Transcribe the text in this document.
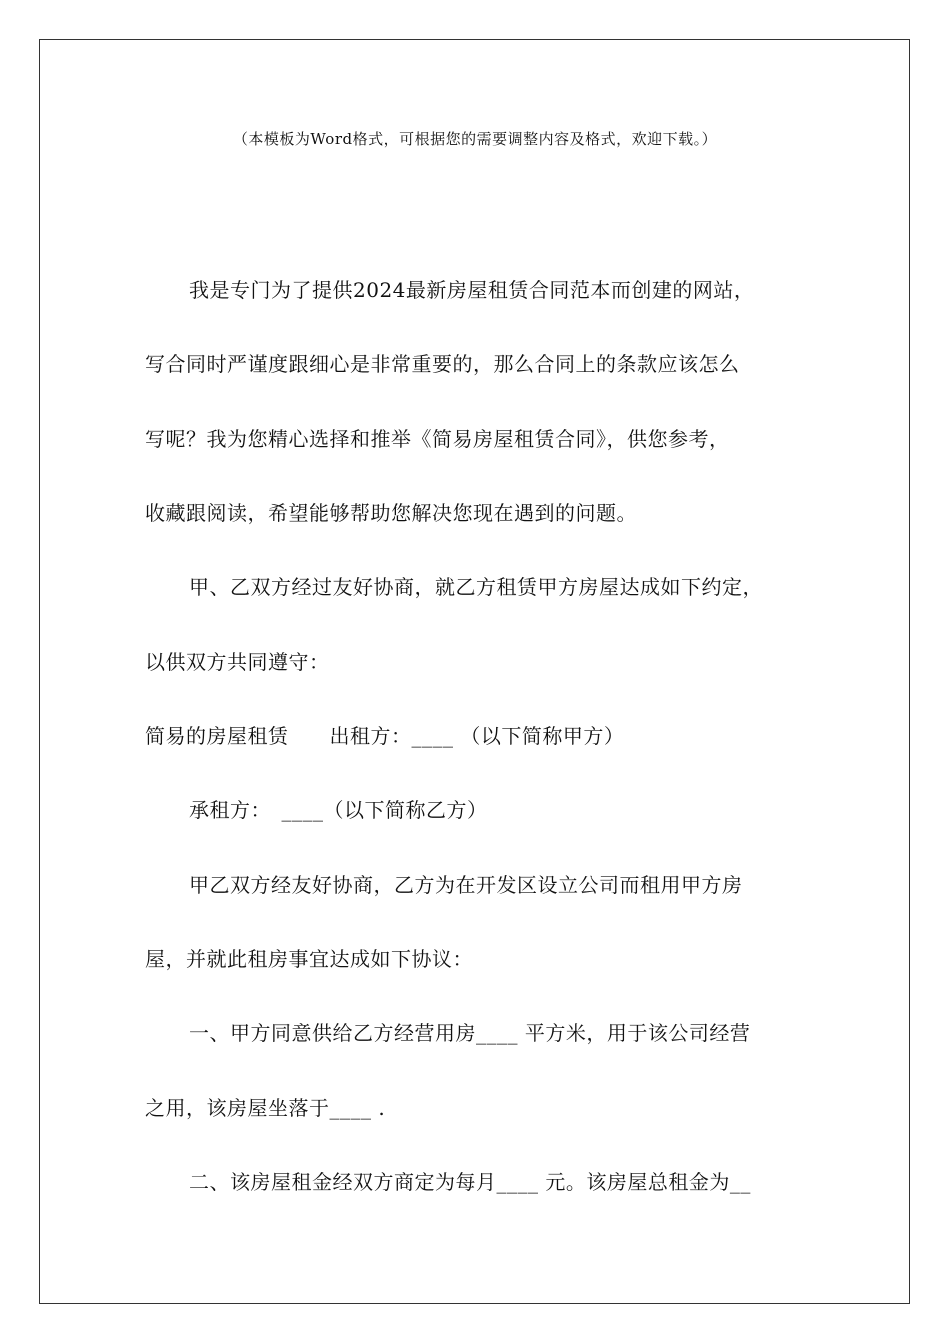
（本模板为Word格式，可根据您的需要调整内容及格式，欢迎下载。）
我是专门为了提供2024最新房屋租赁合同范本而创建的网站，
写合同时严谨度跟细心是非常重要的，那么合同上的条款应该怎么
写呢？我为您精心选择和推举《简易房屋租赁合同》，供您参考，
收藏跟阅读，希望能够帮助您解决您现在遇到的问题。
甲、乙双方经过友好协商，就乙方租赁甲方房屋达成如下约定，
以供双方共同遵守：
简易的房屋租赁　　出租方：____ （以下简称甲方）
承租方：　____（以下简称乙方）
甲乙双方经友好协商，乙方为在开发区设立公司而租用甲方房
屋，并就此租房事宜达成如下协议：
一、甲方同意供给乙方经营用房____ 平方米，用于该公司经营
之用，该房屋坐落于____ .
二、该房屋租金经双方商定为每月____ 元。该房屋总租金为__
